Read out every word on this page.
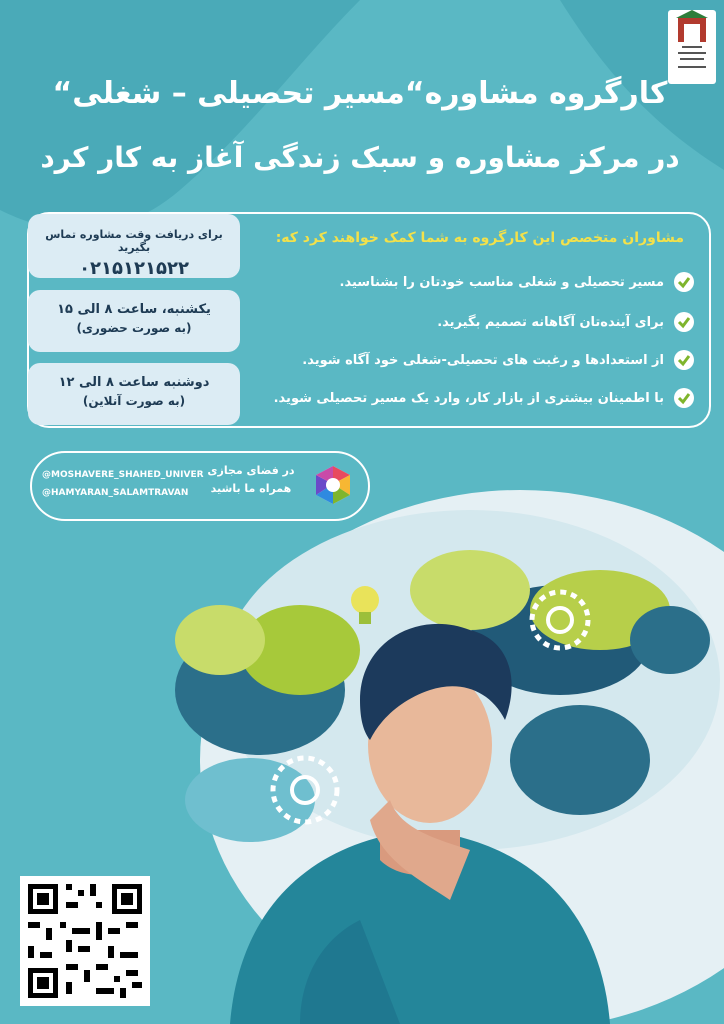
کارگروه مشاوره“مسیر تحصیلی – شغلی“
در مرکز مشاوره و سبک زندگی آغاز به کار کرد
برای دریافت وقت مشاوره تماس بگیرید
۰۲۱۵۱۲۱۵۲۲
یکشنبه، ساعت ۸ الی ۱۵
(به صورت حضوری)
دوشنبه ساعت ۸ الی ۱۲
(به صورت آنلاین)
مشاوران متخصص این کارگروه به شما کمک خواهند کرد که:
مسیر تحصیلی و شغلی مناسب خودتان را بشناسید.
برای آینده‌تان آگاهانه تصمیم بگیرید.
از استعدادها و رغبت های تحصیلی-شغلی خود آگاه شوید.
با اطمینان بیشتری از بازار کار، وارد یک مسیر تحصیلی شوید.
@MOSHAVERE_SHAHED_UNIVER
@HAMYARAN_SALAMTRAVAN
در فضای مجازی
همراه ما باشید
